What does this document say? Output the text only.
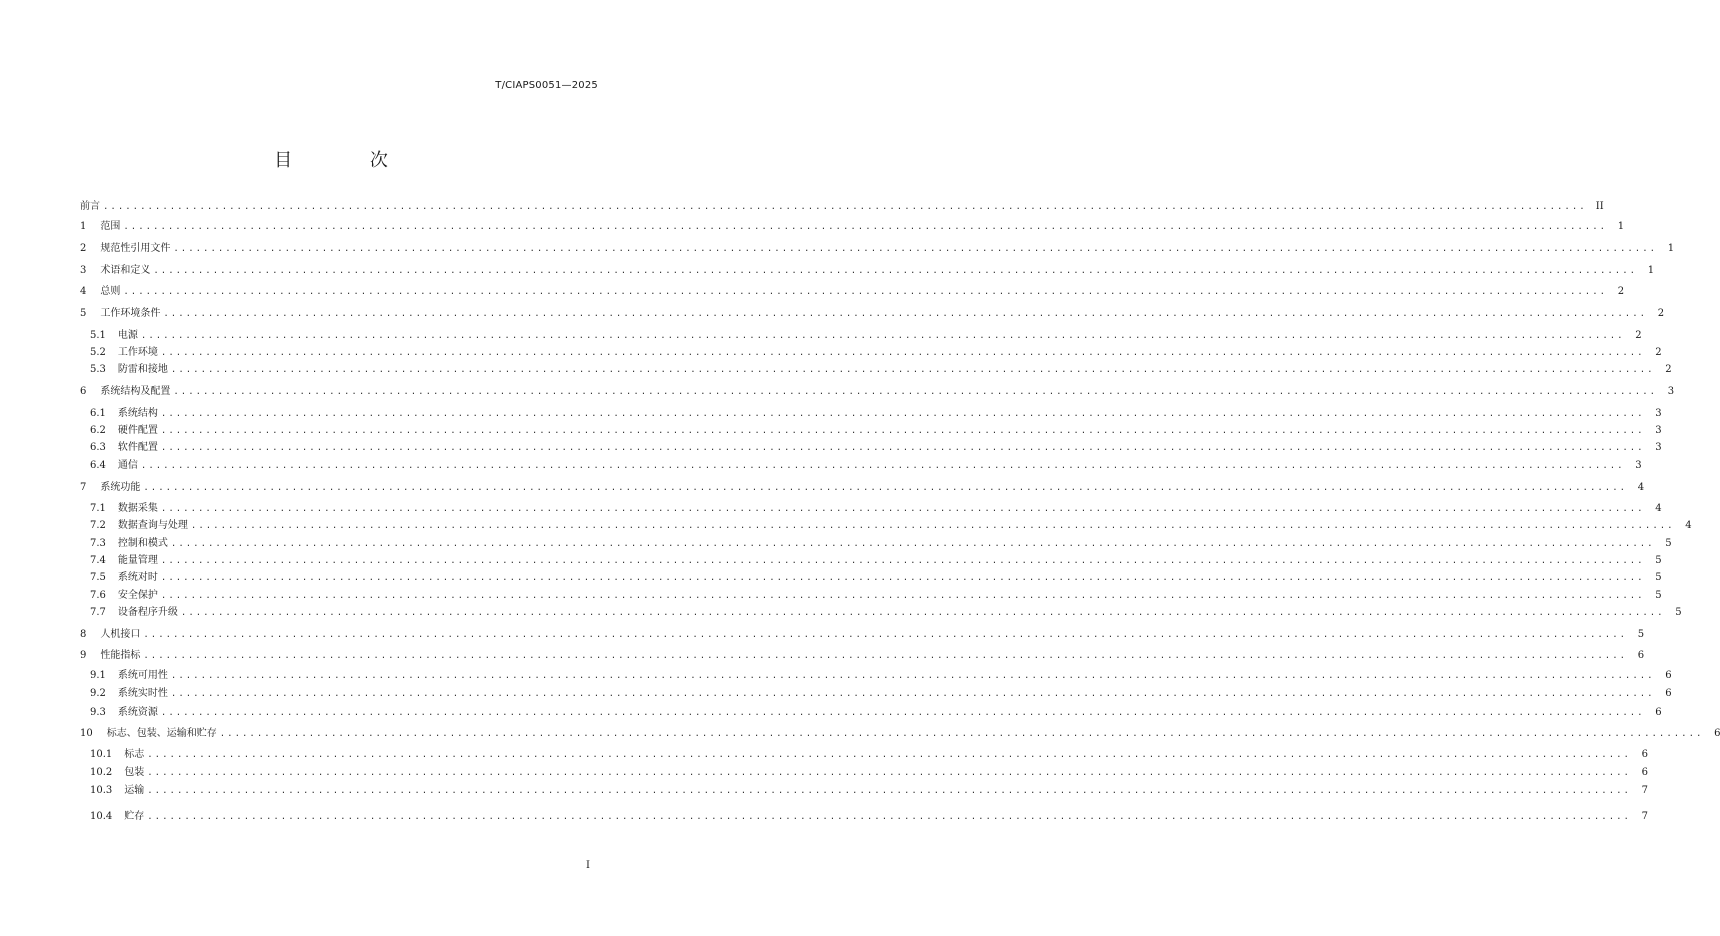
T/CIAPS0051—2025
目 次
前言 ........................................................................................................................................................................................................ II
1 范围 ........................................................................................................................................................................................................	1
2 规范性引用文件 ........................................................................................................................................................................................................	1
3 术语和定义 ........................................................................................................................................................................................................	1
4 总则 ........................................................................................................................................................................................................	2
5 工作环境条件 ........................................................................................................................................................................................................	2
5.1 电源 ........................................................................................................................................................................................................	2
5.2 工作环境 ........................................................................................................................................................................................................	2
5.3 防雷和接地 ........................................................................................................................................................................................................	2
6 系统结构及配置 ........................................................................................................................................................................................................	3
6.1 系统结构 ........................................................................................................................................................................................................	3
6.2 硬件配置 ........................................................................................................................................................................................................	3
6.3 软件配置 ........................................................................................................................................................................................................	3
6.4 通信 ........................................................................................................................................................................................................	3
7 系统功能 ........................................................................................................................................................................................................	4
7.1 数据采集 ........................................................................................................................................................................................................	4
7.2 数据查询与处理 ........................................................................................................................................................................................................	4
7.3 控制和模式 ........................................................................................................................................................................................................	5
7.4 能量管理 ........................................................................................................................................................................................................	5
7.5 系统对时 ........................................................................................................................................................................................................	5
7.6 安全保护 ........................................................................................................................................................................................................	5
7.7 设备程序升级 ........................................................................................................................................................................................................	5
8 人机接口 ........................................................................................................................................................................................................	5
9 性能指标 ........................................................................................................................................................................................................	6
9.1 系统可用性 ........................................................................................................................................................................................................	6
9.2 系统实时性 ........................................................................................................................................................................................................	6
9.3 系统资源 ........................................................................................................................................................................................................	6
10 标志、包装、运输和贮存 ........................................................................................................................................................................................................	6
10.1 标志 ........................................................................................................................................................................................................	6
10.2 包装 ........................................................................................................................................................................................................	6
10.3 运输 ........................................................................................................................................................................................................	7
10.4 贮存 ........................................................................................................................................................................................................	7
I
